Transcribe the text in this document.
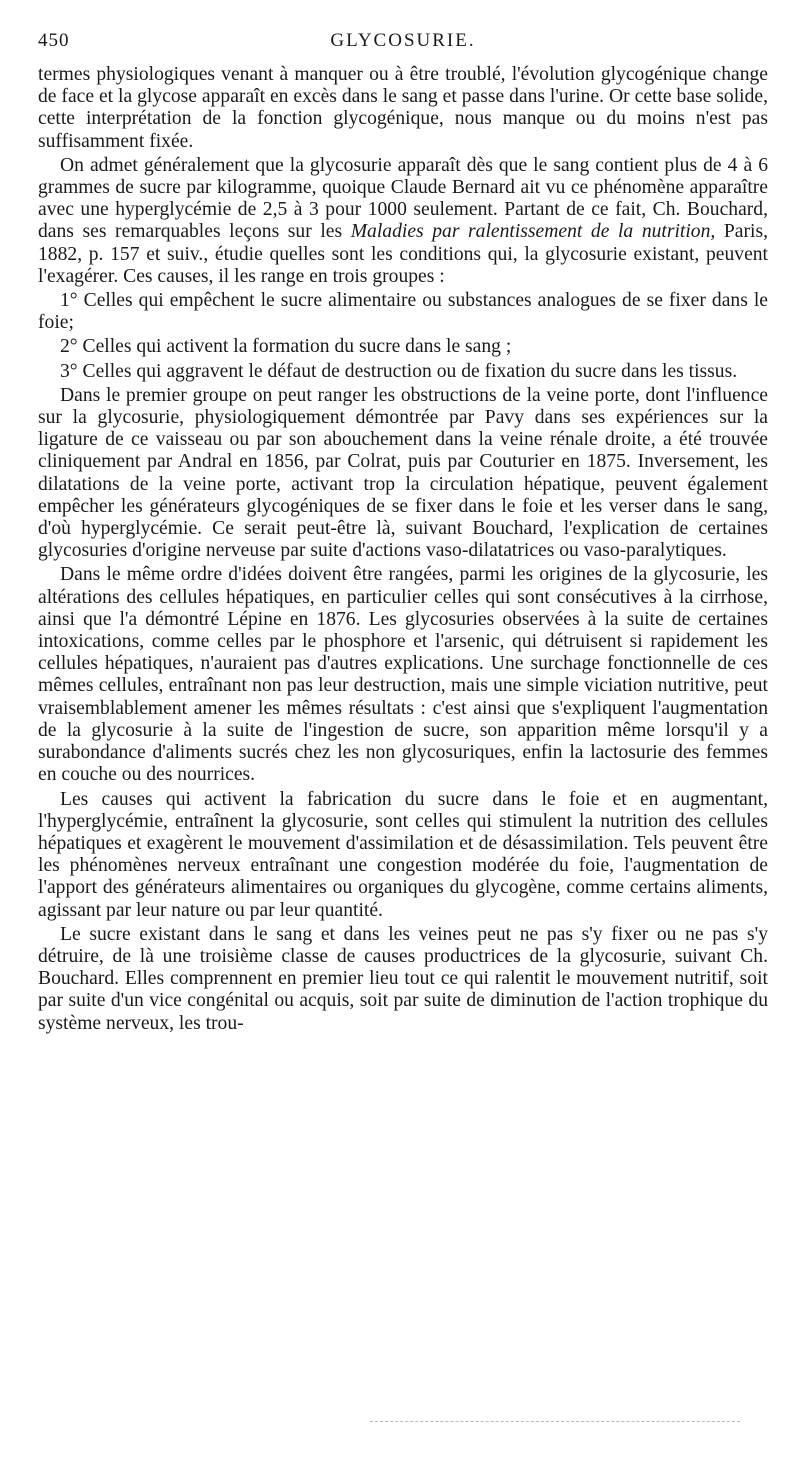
450	GLYCOSURIE.

termes physiologiques venant à manquer ou à être troublé, l'évolution glycogénique change de face et la glycose apparaît en excès dans le sang et passe dans l'urine. Or cette base solide, cette interprétation de la fonction glycogénique, nous manque ou du moins n'est pas suffisamment fixée.

On admet généralement que la glycosurie apparaît dès que le sang contient plus de 4 à 6 grammes de sucre par kilogramme, quoique Claude Bernard ait vu ce phénomène apparaître avec une hyperglycémie de 2,5 à 3 pour 1000 seulement. Partant de ce fait, Ch. Bouchard, dans ses remarquables leçons sur les Maladies par ralentissement de la nutrition, Paris, 1882, p. 157 et suiv., étudie quelles sont les conditions qui, la glycosurie existant, peuvent l'exagérer. Ces causes, il les range en trois groupes :

1° Celles qui empêchent le sucre alimentaire ou substances analogues de se fixer dans le foie;

2° Celles qui activent la formation du sucre dans le sang ;

3° Celles qui aggravent le défaut de destruction ou de fixation du sucre dans les tissus.

Dans le premier groupe on peut ranger les obstructions de la veine porte, dont l'influence sur la glycosurie, physiologiquement démontrée par Pavy dans ses expériences sur la ligature de ce vaisseau ou par son abouchement dans la veine rénale droite, a été trouvée cliniquement par Andral en 1856, par Colrat, puis par Couturier en 1875. Inversement, les dilatations de la veine porte, activant trop la circulation hépatique, peuvent également empêcher les générateurs glycogéniques de se fixer dans le foie et les verser dans le sang, d'où hyperglycémie. Ce serait peut-être là, suivant Bouchard, l'explication de certaines glycosuries d'origine nerveuse par suite d'actions vaso-dilatatrices ou vaso-paralytiques.

Dans le même ordre d'idées doivent être rangées, parmi les origines de la glycosurie, les altérations des cellules hépatiques, en particulier celles qui sont consécutives à la cirrhose, ainsi que l'a démontré Lépine en 1876. Les glycosuries observées à la suite de certaines intoxications, comme celles par le phosphore et l'arsenic, qui détruisent si rapidement les cellules hépatiques, n'auraient pas d'autres explications. Une surchage fonctionnelle de ces mêmes cellules, entraînant non pas leur destruction, mais une simple viciation nutritive, peut vraisemblablement amener les mêmes résultats : c'est ainsi que s'expliquent l'augmentation de la glycosurie à la suite de l'ingestion de sucre, son apparition même lorsqu'il y a surabondance d'aliments sucrés chez les non glycosuriques, enfin la lactosurie des femmes en couche ou des nourrices.

Les causes qui activent la fabrication du sucre dans le foie et en augmentant, l'hyperglycémie, entraînent la glycosurie, sont celles qui stimulent la nutrition des cellules hépatiques et exagèrent le mouvement d'assimilation et de désassimilation. Tels peuvent être les phénomènes nerveux entraînant une congestion modérée du foie, l'augmentation de l'apport des générateurs alimentaires ou organiques du glycogène, comme certains aliments, agissant par leur nature ou par leur quantité.

Le sucre existant dans le sang et dans les veines peut ne pas s'y fixer ou ne pas s'y détruire, de là une troisième classe de causes productrices de la glycosurie, suivant Ch. Bouchard. Elles comprennent en premier lieu tout ce qui ralentit le mouvement nutritif, soit par suite d'un vice congénital ou acquis, soit par suite de diminution de l'action trophique du système nerveux, les trou-
